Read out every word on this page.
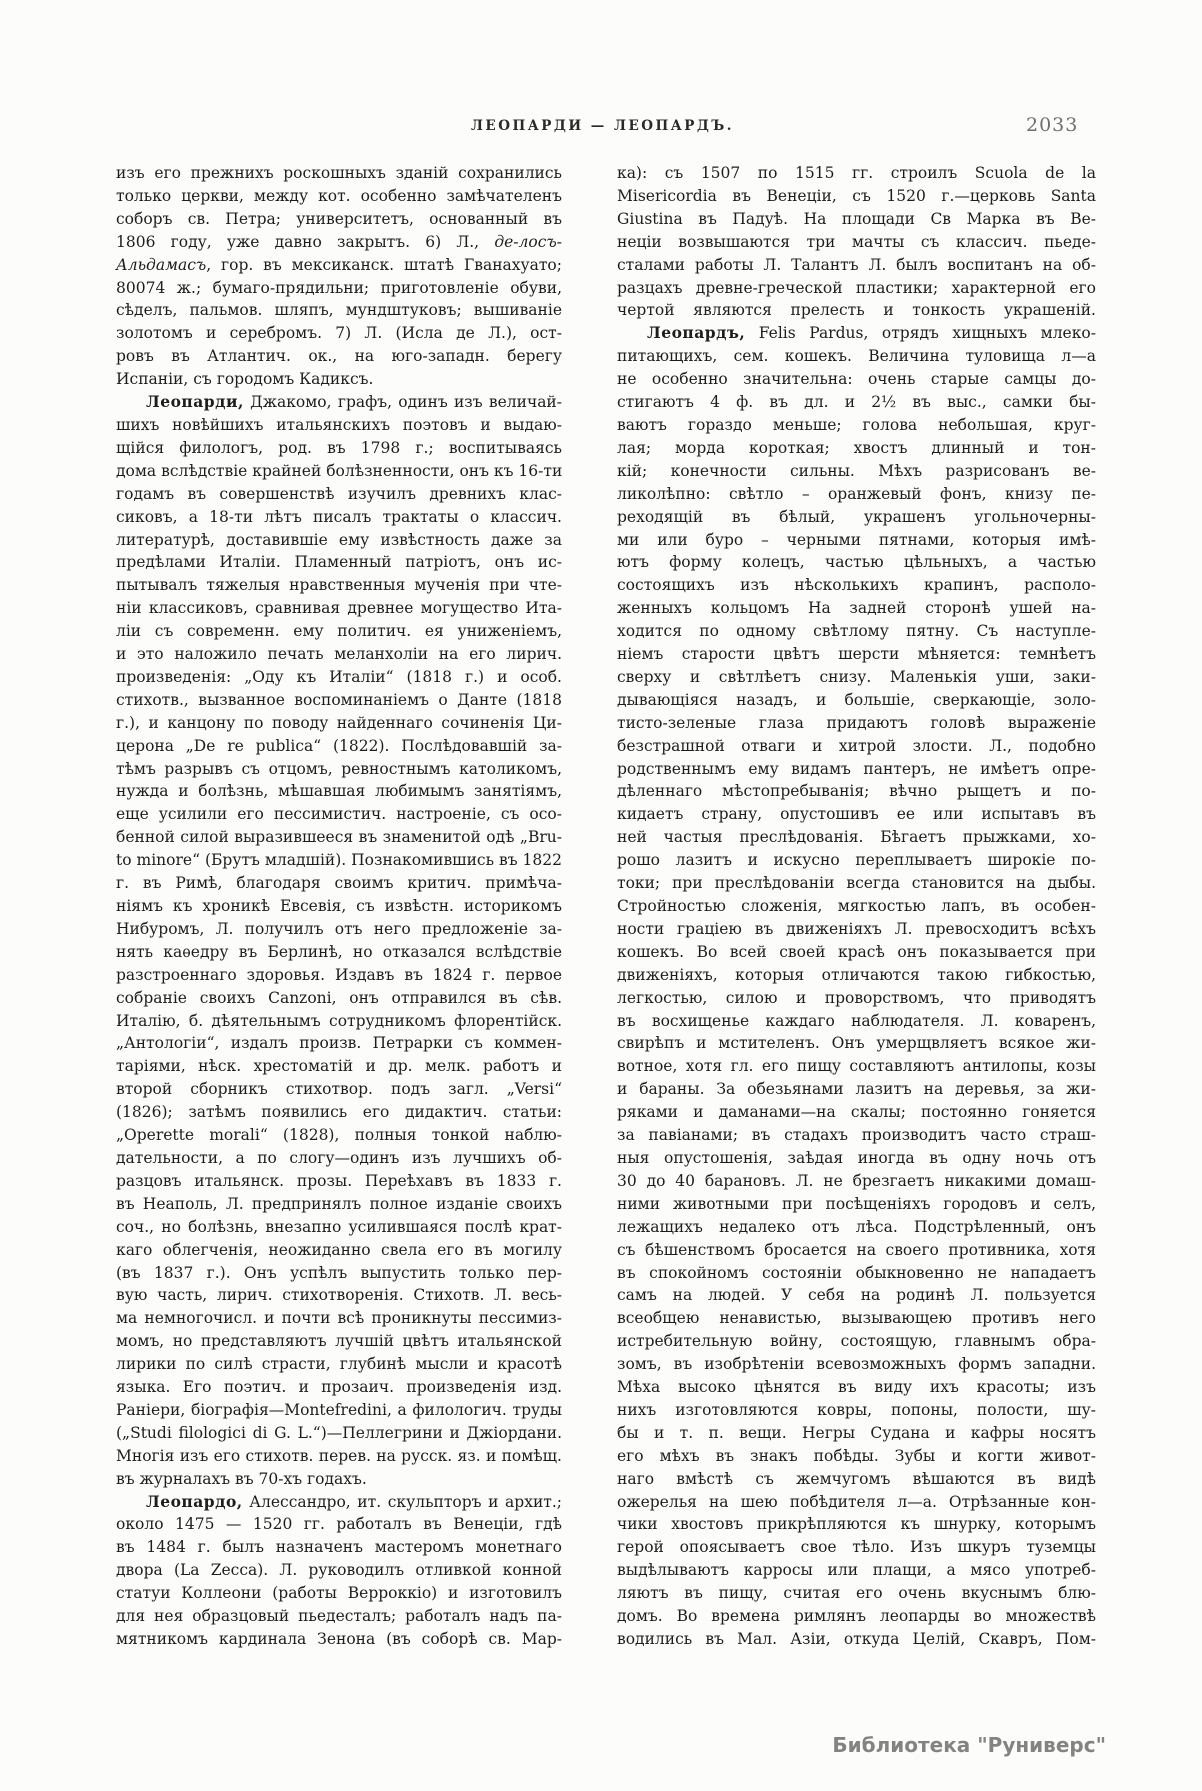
ЛЕОПАРДИ — ЛЕОПАРДЪ.	2033
изъ его прежнихъ роскошныхъ зданій сохранились
только церкви, между кот. особенно замѣчателенъ
соборъ св. Петра; университетъ, основанный въ
1806 году, уже давно закрытъ. 6) Л., де-лосъ-
Альдамасъ, гор. въ мексиканск. штатѣ Гванахуато;
80074 ж.; бумаго-прядильни; приготовленіе обуви,
сѣделъ, пальмов. шляпъ, мундштуковъ; вышиваніе
золотомъ и серебромъ. 7) Л. (Исла де Л.), ост-
ровъ въ Атлантич. ок., на юго-западн. берегу
Испаніи, съ городомъ Кадиксъ.
Леопарди, Джакомо, графъ, одинъ изъ величай-
шихъ новѣйшихъ итальянскихъ поэтовъ и выдаю-
щійся филологъ, род. въ 1798 г.; воспитываясь
дома вслѣдствіе крайней болѣзненности, онъ къ 16-ти
годамъ въ совершенствѣ изучилъ древнихъ клас-
сиковъ, а 18-ти лѣтъ писалъ трактаты о классич.
литературѣ, доставившіе ему извѣстность даже за
предѣлами Италіи. Пламенный патріотъ, онъ ис-
пытывалъ тяжелыя нравственныя мученія при чте-
ніи классиковъ, сравнивая древнее могущество Ита-
ліи съ современн. ему политич. ея униженіемъ,
и это наложило печать меланхоліи на его лирич.
произведенія: „Оду къ Италіи“ (1818 г.) и особ.
стихотв., вызванное воспоминаніемъ о Данте (1818
г.), и канцону по поводу найденнаго сочиненія Ци-
церона „De re publica“ (1822). Послѣдовавшій за-
тѣмъ разрывъ съ отцомъ, ревностнымъ католикомъ,
нужда и болѣзнь, мѣшавшая любимымъ занятіямъ,
еще усилили его пессимистич. настроеніе, съ осо-
бенной силой выразившееся въ знаменитой одѣ „Bru-
to minore“ (Брутъ младшій). Познакомившись въ 1822
г. въ Римѣ, благодаря своимъ критич. примѣча-
ніямъ къ хроникѣ Евсевія, съ извѣстн. историкомъ
Нибуромъ, Л. получилъ отъ него предложеніе за-
нять каѳедру въ Берлинѣ, но отказался вслѣдствіе
разстроеннаго здоровья. Издавъ въ 1824 г. первое
собраніе своихъ Canzoni, онъ отправился въ сѣв.
Италію, б. дѣятельнымъ сотрудникомъ флорентійск.
„Антологіи“, издалъ произв. Петрарки съ коммен-
таріями, нѣск. хрестоматій и др. мелк. работъ и
второй сборникъ стихотвор. подъ загл. „Versi“
(1826); затѣмъ появились его дидактич. статьи:
„Operette morali“ (1828), полныя тонкой наблю-
дательности, а по слогу—одинъ изъ лучшихъ об-
разцовъ итальянск. прозы. Переѣхавъ въ 1833 г.
въ Неаполь, Л. предпринялъ полное изданіе своихъ
соч., но болѣзнь, внезапно усилившаяся послѣ крат-
каго облегченія, неожиданно свела его въ могилу
(въ 1837 г.). Онъ успѣлъ выпустить только пер-
вую часть, лирич. стихотворенія. Стихотв. Л. весь-
ма немногочисл. и почти всѣ проникнуты пессимиз-
момъ, но представляютъ лучшій цвѣтъ итальянской
лирики по силѣ страсти, глубинѣ мысли и красотѣ
языка. Его поэтич. и прозаич. произведенія изд.
Раніери, біографія—Montefredini, а филологич. труды
(„Studi filologici di G. L.“)—Пеллегрини и Джіордани.
Многія изъ его стихотв. перев. на русск. яз. и помѣщ.
въ журналахъ въ 70-хъ годахъ.
Леопардо, Алессандро, ит. скульпторъ и архит.;
около 1475 — 1520 гг. работалъ въ Венеціи, гдѣ
въ 1484 г. былъ назначенъ мастеромъ монетнаго
двора (La Zecca). Л. руководилъ отливкой конной
статуи Коллеони (работы Верроккіо) и изготовилъ
для нея образцовый пьедесталъ; работалъ надъ па-
мятникомъ кардинала Зенона (въ соборѣ св. Мар-
ка): съ 1507 по 1515 гг. строилъ Scuola de la
Misericordia въ Венеціи, съ 1520 г.—церковь Santa
Giustina въ Падуѣ. На площади Св Марка въ Ве-
неціи возвышаются три мачты съ классич. пьеде-
сталами работы Л. Талантъ Л. былъ воспитанъ на об-
разцахъ древне-греческой пластики; характерной его
чертой являются прелесть и тонкость украшеній.
Леопардъ, Felis Pardus, отрядъ хищныхъ млеко-
питающихъ, сем. кошекъ. Величина туловища л—а
не особенно значительна: очень старые самцы до-
стигаютъ 4 ф. въ дл. и 2½ въ выс., самки бы-
ваютъ гораздо меньше; голова небольшая, круг-
лая; морда короткая; хвостъ длинный и тон-
кій; конечности сильны. Мѣхъ разрисованъ ве-
ликолѣпно: свѣтло – оранжевый фонъ, книзу пе-
реходящій въ бѣлый, украшенъ угольночерны-
ми или буро – черными пятнами, которыя имѣ-
ютъ форму колецъ, частью цѣльныхъ, а частью
состоящихъ изъ нѣсколькихъ крапинъ, располо-
женныхъ кольцомъ На задней сторонѣ ушей на-
ходится по одному свѣтлому пятну. Съ наступле-
ніемъ старости цвѣтъ шерсти мѣняется: темнѣетъ
сверху и свѣтлѣетъ снизу. Маленькія уши, заки-
дывающіяся назадъ, и большіе, сверкающіе, золо-
тисто-зеленые глаза придаютъ головѣ выраженіе
безстрашной отваги и хитрой злости. Л., подобно
родственнымъ ему видамъ пантеръ, не имѣетъ опре-
дѣленнаго мѣстопребыванія; вѣчно рыщетъ и по-
кидаетъ страну, опустошивъ ее или испытавъ въ
ней частыя преслѣдованія. Бѣгаетъ прыжками, хо-
рошо лазитъ и искусно переплываетъ широкіе по-
токи; при преслѣдованіи всегда становится на дыбы.
Стройностью сложенія, мягкостью лапъ, въ особен-
ности граціею въ движеніяхъ Л. превосходитъ всѣхъ
кошекъ. Во всей своей красѣ онъ показывается при
движеніяхъ, которыя отличаются такою гибкостью,
легкостью, силою и проворствомъ, что приводятъ
въ восхищенье каждаго наблюдателя. Л. коваренъ,
свирѣпъ и мстителенъ. Онъ умерщвляетъ всякое жи-
вотное, хотя гл. его пищу составляютъ антилопы, козы
и бараны. За обезьянами лазитъ на деревья, за жи-
ряками и даманами—на скалы; постоянно гоняется
за павіанами; въ стадахъ производитъ часто страш-
ныя опустошенія, заѣдая иногда въ одну ночь отъ
30 до 40 барановъ. Л. не брезгаетъ никакими домаш-
ними животными при посѣщеніяхъ городовъ и селъ,
лежащихъ недалеко отъ лѣса. Подстрѣленный, онъ
съ бѣшенствомъ бросается на своего противника, хотя
въ спокойномъ состояніи обыкновенно не нападаетъ
самъ на людей. У себя на родинѣ Л. пользуется
всеобщею ненавистью, вызывающею противъ него
истребительную войну, состоящую, главнымъ обра-
зомъ, въ изобрѣтеніи всевозможныхъ формъ западни.
Мѣха высоко цѣнятся въ виду ихъ красоты; изъ
нихъ изготовляются ковры, попоны, полости, шу-
бы и т. п. вещи. Негры Судана и кафры носятъ
его мѣхъ въ знакъ побѣды. Зубы и когти живот-
наго вмѣстѣ съ жемчугомъ вѣшаются въ видѣ
ожерелья на шею побѣдителя л—а. Отрѣзанные кон-
чики хвостовъ прикрѣпляются къ шнурку, которымъ
герой опоясываетъ свое тѣло. Изъ шкуръ туземцы
выдѣлываютъ карросы или плащи, а мясо употреб-
ляютъ въ пищу, считая его очень вкуснымъ блю-
домъ. Во времена римлянъ леопарды во множествѣ
водились въ Мал. Азіи, откуда Целій, Скавръ, Пом-
Библиотека "Руниверс"
